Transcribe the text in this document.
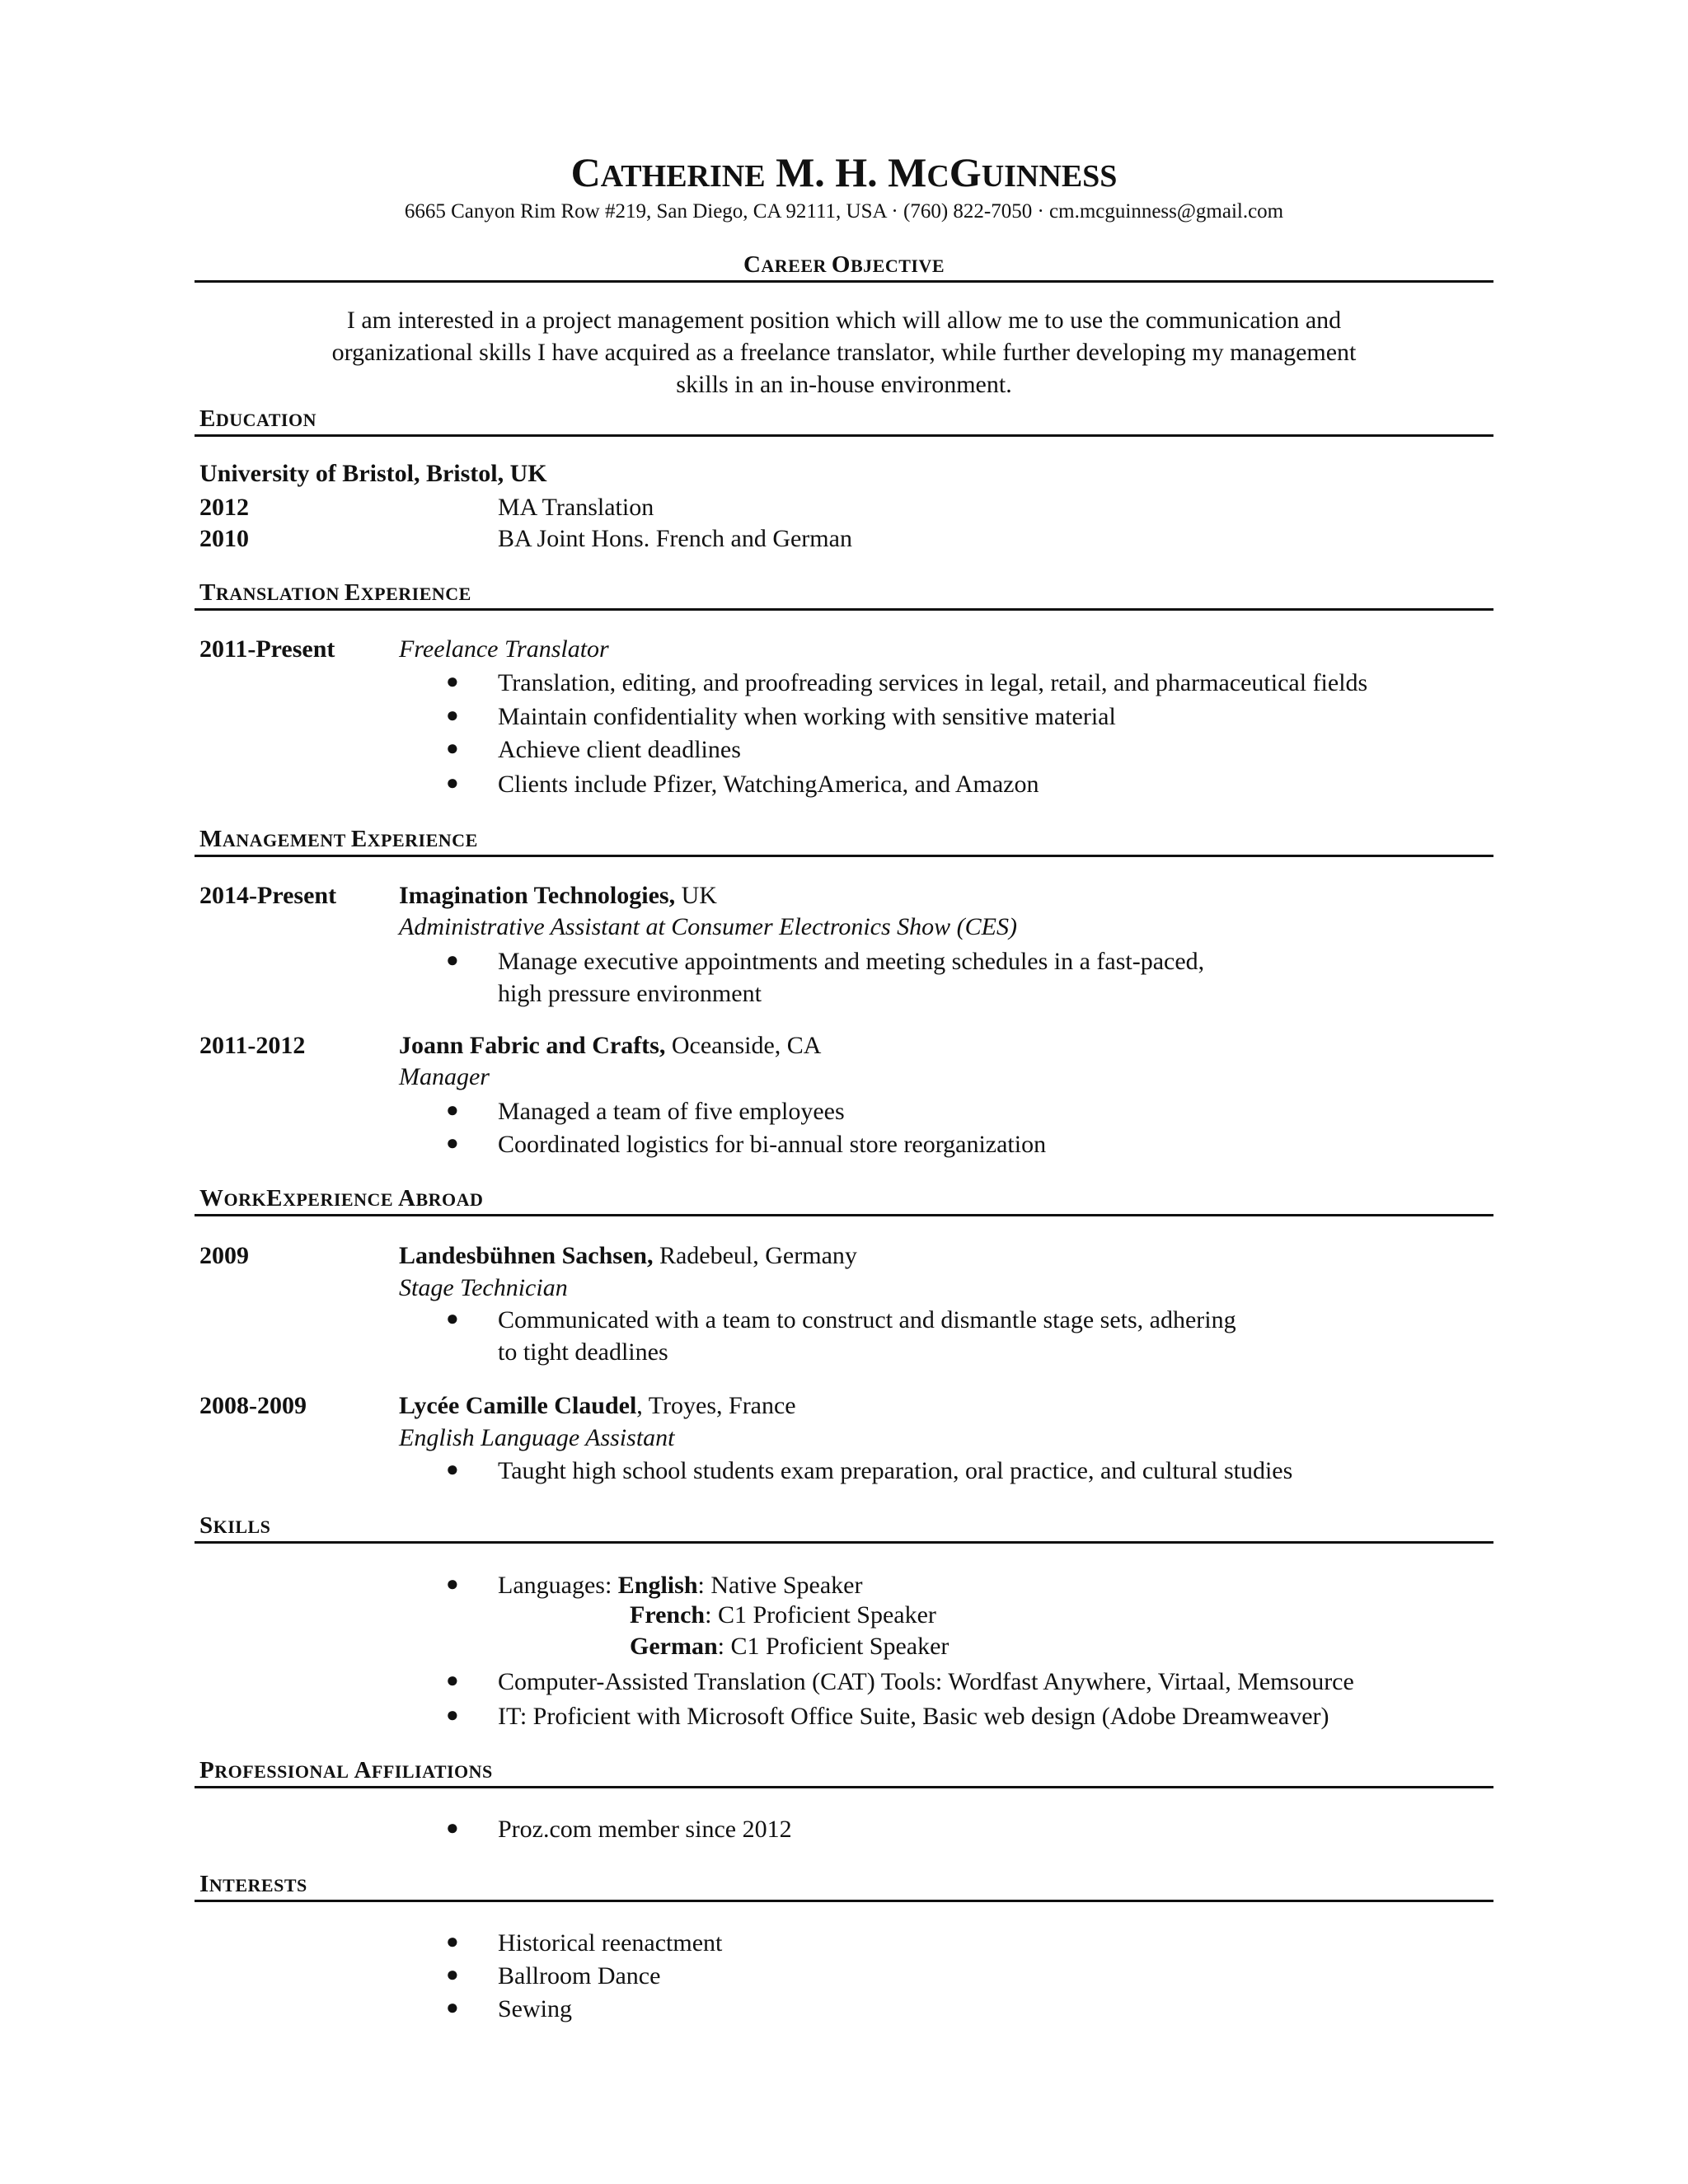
CATHERINE M. H. MCGUINNESS
6665 Canyon Rim Row #219, San Diego, CA 92111, USA · (760) 822-7050 · cm.mcguinness@gmail.com
CAREER OBJECTIVE
I am interested in a project management position which will allow me to use the communication and
organizational skills I have acquired as a freelance translator, while further developing my management
skills in an in-house environment.
EDUCATION
University of Bristol, Bristol, UK
2012	MA Translation
2010	BA Joint Hons. French and German
TRANSLATION EXPERIENCE
2011-Present	Freelance Translator
● Translation, editing, and proofreading services in legal, retail, and pharmaceutical fields
● Maintain confidentiality when working with sensitive material
● Achieve client deadlines
● Clients include Pfizer, WatchingAmerica, and Amazon
MANAGEMENT EXPERIENCE
2014-Present	Imagination Technologies, UK
Administrative Assistant at Consumer Electronics Show (CES)
● Manage executive appointments and meeting schedules in a fast-paced,
high pressure environment
2011-2012	Joann Fabric and Crafts, Oceanside, CA
Manager
● Managed a team of five employees
● Coordinated logistics for bi-annual store reorganization
WORKEXPERIENCE ABROAD
2009	Landesbühnen Sachsen, Radebeul, Germany
Stage Technician
● Communicated with a team to construct and dismantle stage sets, adhering
to tight deadlines
2008-2009	Lycée Camille Claudel, Troyes, France
English Language Assistant
● Taught high school students exam preparation, oral practice, and cultural studies
SKILLS
● Languages: English: Native Speaker
French: C1 Proficient Speaker
German: C1 Proficient Speaker
● Computer-Assisted Translation (CAT) Tools: Wordfast Anywhere, Virtaal, Memsource
● IT: Proficient with Microsoft Office Suite, Basic web design (Adobe Dreamweaver)
PROFESSIONAL AFFILIATIONS
● Proz.com member since 2012
INTERESTS
● Historical reenactment
● Ballroom Dance
● Sewing
